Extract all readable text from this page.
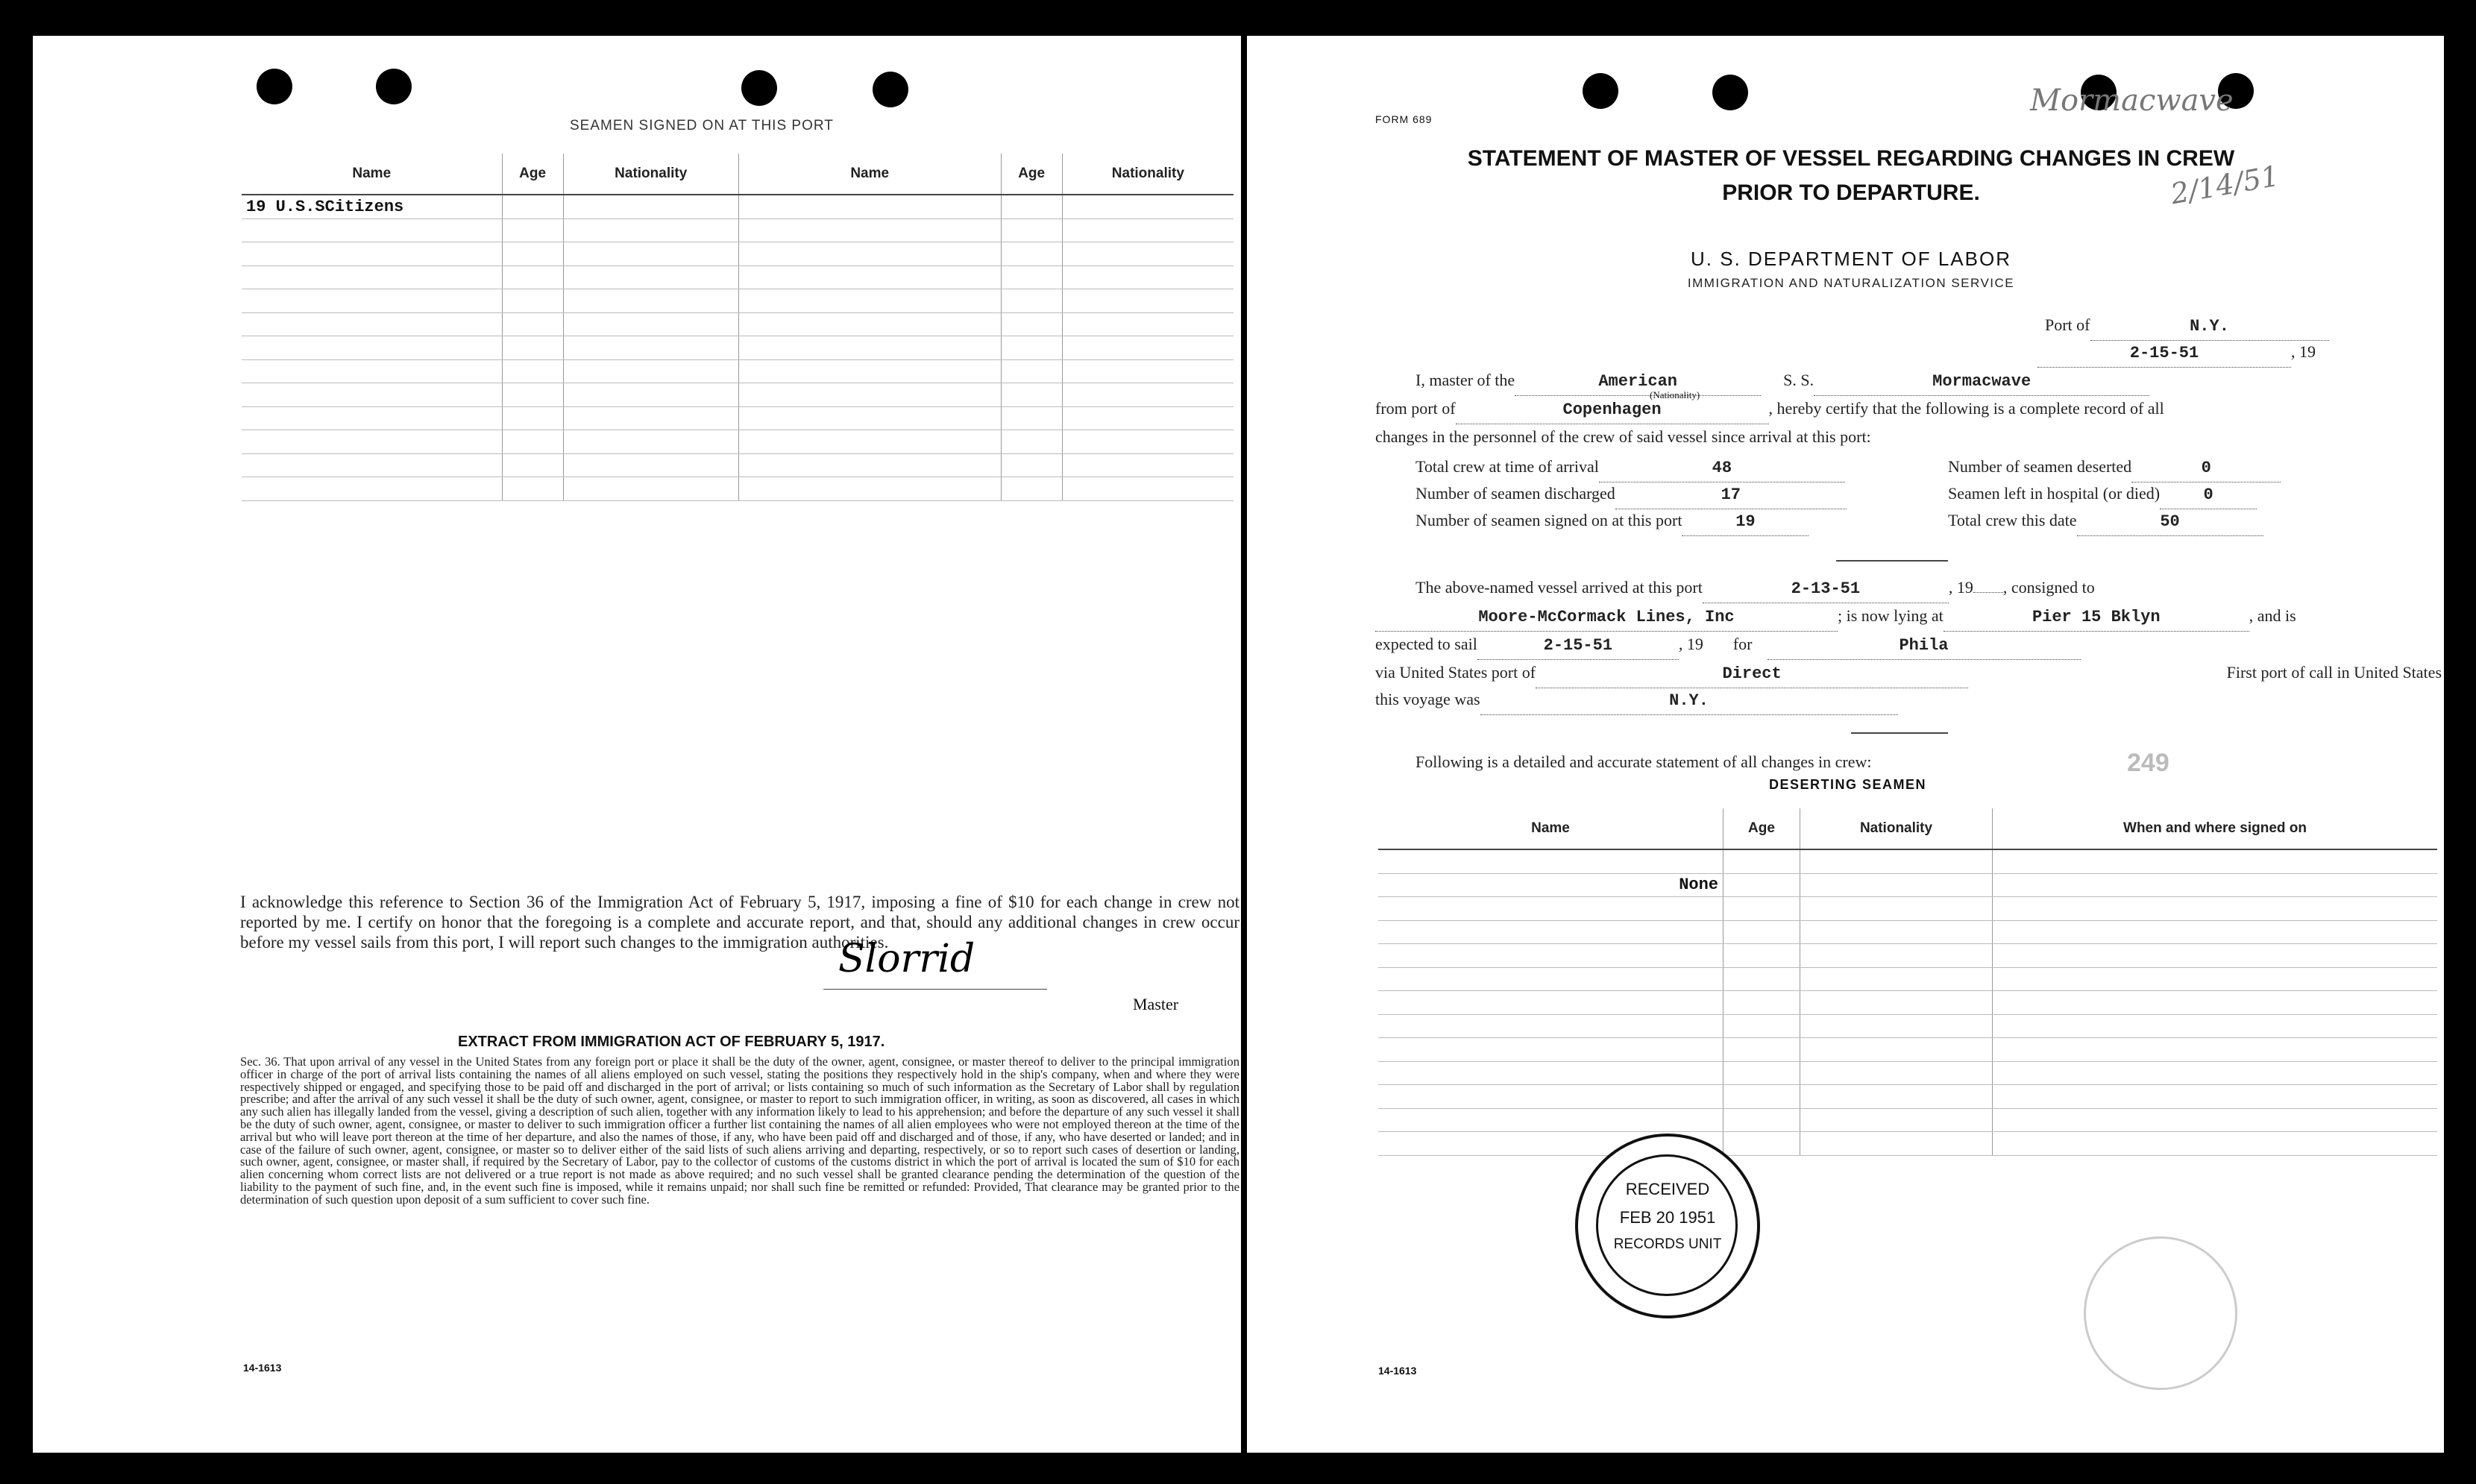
SEAMEN SIGNED ON AT THIS PORT
Name	Age	Nationality	Name	Age	Nationality
19 U.S.SCitizens					

I acknowledge this reference to Section 36 of the Immigration Act of February 5, 1917, imposing a fine of $10 for each change in crew not reported by me. I certify on honor that the foregoing is a complete and accurate report, and that, should any additional changes in crew occur before my vessel sails from this port, I will report such changes to the immigration authorities.
Slorrid
Master
EXTRACT FROM IMMIGRATION ACT OF FEBRUARY 5, 1917.
Sec. 36. That upon arrival of any vessel in the United States from any foreign port or place it shall be the duty of the owner, agent, consignee, or master thereof to deliver to the principal immigration officer in charge of the port of arrival lists containing the names of all aliens employed on such vessel, stating the positions they respectively hold in the ship's company, when and where they were respectively shipped or engaged, and specifying those to be paid off and discharged in the port of arrival; or lists containing so much of such information as the Secretary of Labor shall by regulation prescribe; and after the arrival of any such vessel it shall be the duty of such owner, agent, consignee, or master to report to such immigration officer, in writing, as soon as discovered, all cases in which any such alien has illegally landed from the vessel, giving a description of such alien, together with any information likely to lead to his apprehension; and before the departure of any such vessel it shall be the duty of such owner, agent, consignee, or master to deliver to such immigration officer a further list containing the names of all alien employees who were not employed thereon at the time of the arrival but who will leave port thereon at the time of her departure, and also the names of those, if any, who have been paid off and discharged and of those, if any, who have deserted or landed; and in case of the failure of such owner, agent, consignee, or master so to deliver either of the said lists of such aliens arriving and departing, respectively, or so to report such cases of desertion or landing, such owner, agent, consignee, or master shall, if required by the Secretary of Labor, pay to the collector of customs of the customs district in which the port of arrival is located the sum of $10 for each alien concerning whom correct lists are not delivered or a true report is not made as above required; and no such vessel shall be granted clearance pending the determination of the question of the liability to the payment of such fine, and, in the event such fine is imposed, while it remains unpaid; nor shall such fine be remitted or refunded: Provided, That clearance may be granted prior to the determination of such question upon deposit of a sum sufficient to cover such fine.
14-1613
FORM 689
Mormacwave
2/14/51
STATEMENT OF MASTER OF VESSEL REGARDING CHANGES IN CREW
PRIOR TO DEPARTURE.
U. S. DEPARTMENT OF LABOR
IMMIGRATION AND NATURALIZATION SERVICE
Port of	N.Y.
2-15-51	, 19
I, master of the	American	S. S.	Mormacwave
(Nationality)
from port of	Copenhagen	, hereby certify that the following is a complete record of all
changes in the personnel of the crew of said vessel since arrival at this port:
Total crew at time of arrival	48	Number of seamen deserted	0
Number of seamen discharged	17	Seamen left in hospital (or died)	0
Number of seamen signed on at this port	19	Total crew this date	50
The above-named vessel arrived at this port	2-13-51	, 19 , consigned to
Moore-McCormack Lines, Inc	; is now lying at	Pier 15 Bklyn	, and is
expected to sail	2-15-51	, 19 for	Phila
via United States port of	Direct	First port of call in United States
this voyage was	N.Y.
Following is a detailed and accurate statement of all changes in crew:	249
DESERTING SEAMEN
Name	Age	Nationality	When and where signed on

None			

RECEIVED
FEB 20 1951
RECORDS UNIT
14-1613
